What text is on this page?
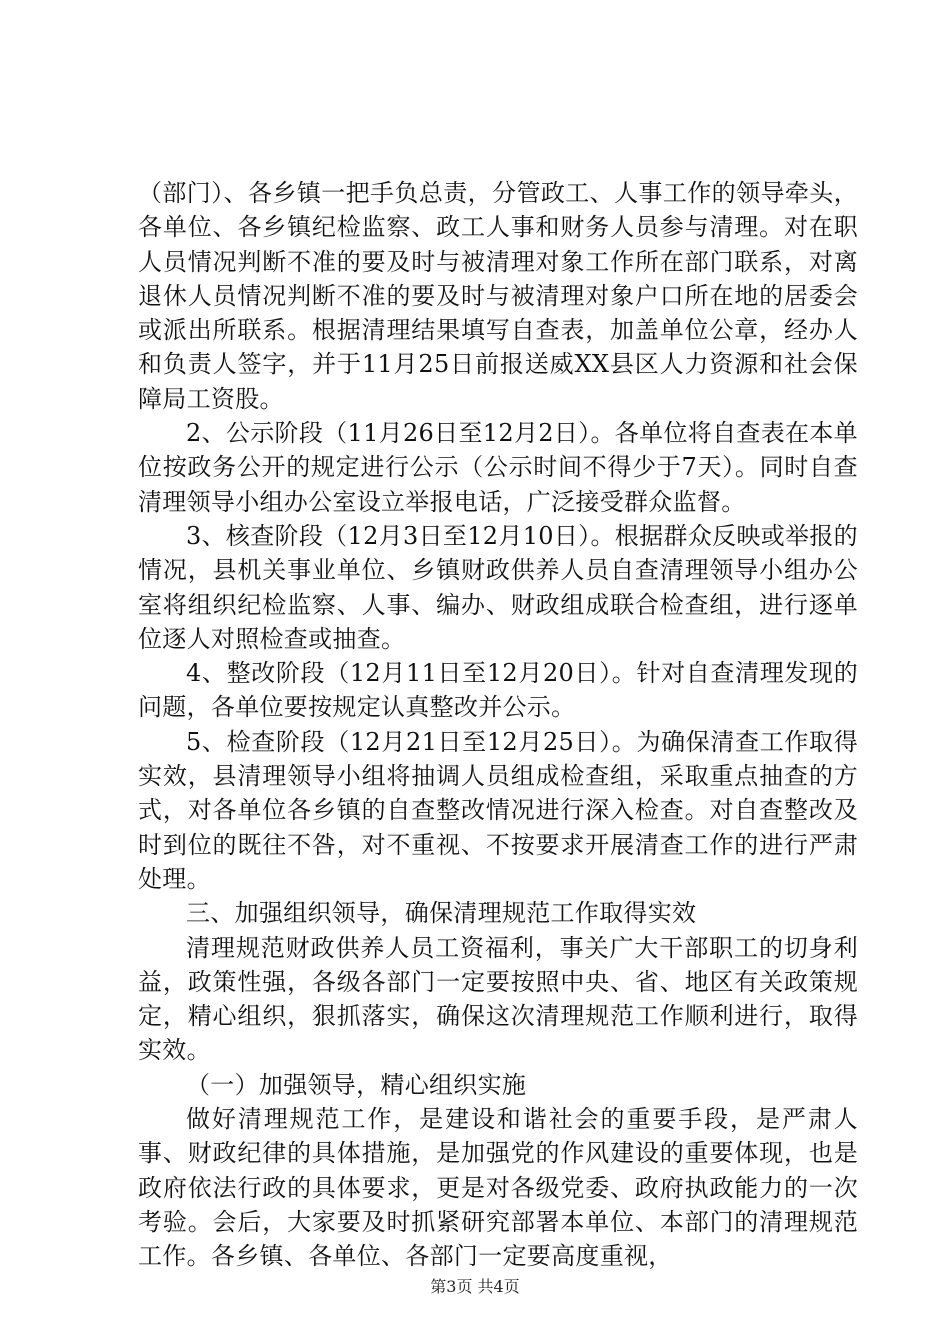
（部门）、各乡镇一把手负总责，分管政工、人事工作的领导牵头，各单位、各乡镇纪检监察、政工人事和财务人员参与清理。对在职人员情况判断不准的要及时与被清理对象工作所在部门联系，对离退休人员情况判断不准的要及时与被清理对象户口所在地的居委会或派出所联系。根据清理结果填写自查表，加盖单位公章，经办人和负责人签字，并于11月25日前报送威XX县区人力资源和社会保障局工资股。

2、公示阶段（11月26日至12月2日）。各单位将自查表在本单位按政务公开的规定进行公示（公示时间不得少于7天）。同时自查清理领导小组办公室设立举报电话，广泛接受群众监督。

3、核查阶段（12月3日至12月10日）。根据群众反映或举报的情况，县机关事业单位、乡镇财政供养人员自查清理领导小组办公室将组织纪检监察、人事、编办、财政组成联合检查组，进行逐单位逐人对照检查或抽查。

4、整改阶段（12月11日至12月20日）。针对自查清理发现的问题，各单位要按规定认真整改并公示。

5、检查阶段（12月21日至12月25日）。为确保清查工作取得实效，县清理领导小组将抽调人员组成检查组，采取重点抽查的方式，对各单位各乡镇的自查整改情况进行深入检查。对自查整改及时到位的既往不咎，对不重视、不按要求开展清查工作的进行严肃处理。

三、加强组织领导，确保清理规范工作取得实效

清理规范财政供养人员工资福利，事关广大干部职工的切身利益，政策性强，各级各部门一定要按照中央、省、地区有关政策规定，精心组织，狠抓落实，确保这次清理规范工作顺利进行，取得实效。

（一）加强领导，精心组织实施

做好清理规范工作，是建设和谐社会的重要手段，是严肃人事、财政纪律的具体措施，是加强党的作风建设的重要体现，也是政府依法行政的具体要求，更是对各级党委、政府执政能力的一次考验。会后，大家要及时抓紧研究部署本单位、本部门的清理规范工作。各乡镇、各单位、各部门一定要高度重视，

第3页 共4页
